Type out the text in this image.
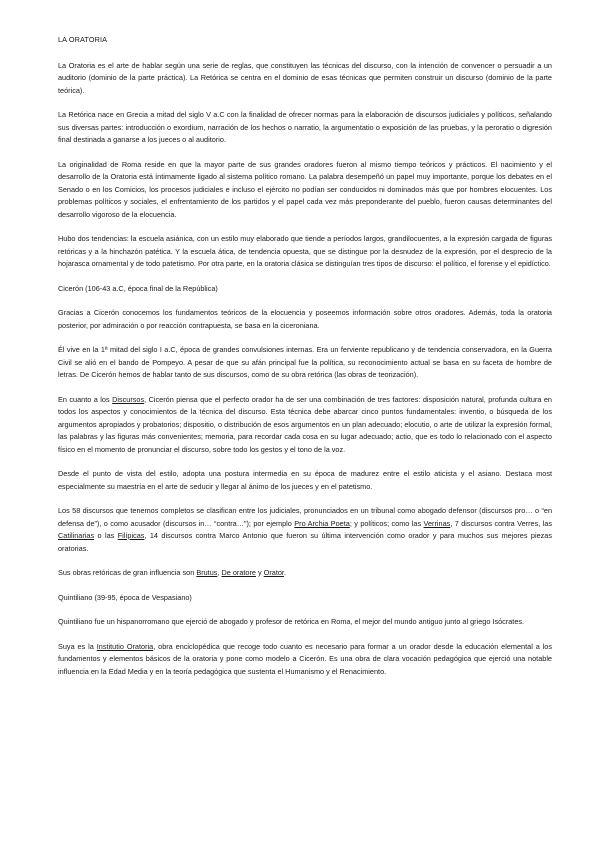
LA ORATORIA

La Oratoria es el arte de hablar según una serie de reglas, que constituyen las técnicas del discurso, con la intención de convencer o persuadir a un auditorio (dominio de la parte práctica). La Retórica se centra en el dominio de esas técnicas que permiten construir un discurso (dominio de la parte teórica).

La Retórica nace en Grecia a mitad del siglo V a.C con la finalidad de ofrecer normas para la elaboración de discursos judiciales y políticos, señalando sus diversas partes: introducción o exordium, narración de los hechos o narratio, la argumentatio o exposición de las pruebas, y la peroratio o digresión final destinada a ganarse a los jueces o al auditorio.

La originalidad de Roma reside en que la mayor parte de sus grandes oradores fueron al mismo tiempo teóricos y prácticos. El nacimiento y el desarrollo de la Oratoria está íntimamente ligado al sistema político romano. La palabra desempeñó un papel muy importante, porque los debates en el Senado o en los Comicios, los procesos judiciales e incluso el ejército no podían ser conducidos ni dominados más que por hombres elocuentes. Los problemas políticos y sociales, el enfrentamiento de los partidos y el papel cada vez más preponderante del pueblo, fueron causas determinantes del desarrollo vigoroso de la elocuencia.

Hubo dos tendencias: la escuela asiánica, con un estilo muy elaborado que tiende a períodos largos, grandilocuentes, a la expresión cargada de figuras retóricas y a la hinchazón patética. Y la escuela ática, de tendencia opuesta, que se distingue por la desnudez de la expresión, por el desprecio de la hojarasca ornamental y de todo patetismo. Por otra parte, en la oratoria clásica se distinguían tres tipos de discurso: el político, el forense y el epidíctico.

Cicerón (106-43 a.C, época final de la República)

Gracias a Cicerón conocemos los fundamentos teóricos de la elocuencia y poseemos información sobre otros oradores. Además, toda la oratoria posterior, por admiración o por reacción contrapuesta, se basa en la ciceroniana.

Él vive en la 1ª mitad del siglo I a.C, época de grandes convulsiones internas. Era un ferviente republicano y de tendencia conservadora, en la Guerra Civil se alió en el bando de Pompeyo. A pesar de que su afán principal fue la política, su reconocimiento actual se basa en su faceta de hombre de letras. De Cicerón hemos de hablar tanto de sus discursos, como de su obra retórica (las obras de teorización).

En cuanto a los Discursos, Cicerón piensa que el perfecto orador ha de ser una combinación de tres factores: disposición natural, profunda cultura en todos los aspectos y conocimientos de la técnica del discurso. Esta técnica debe abarcar cinco puntos fundamentales: inventio, o búsqueda de los argumentos apropiados y probatorios; dispositio, o distribución de esos argumentos en un plan adecuado; elocutio, o arte de utilizar la expresión formal, las palabras y las figuras más convenientes; memoria, para recordar cada cosa en su lugar adecuado; actio, que es todo lo relacionado con el aspecto físico en el momento de pronunciar el discurso, sobre todo los gestos y el tono de la voz.

Desde el punto de vista del estilo, adopta una postura intermedia en su época de madurez entre el estilo aticista y el asiano. Destaca most especialmente su maestría en el arte de seducir y llegar al ánimo de los jueces y en el patetismo.

Los 58 discursos que tenemos completos se clasifican entre los judiciales, pronunciados en un tribunal como abogado defensor (discursos pro… o “en defensa de”), o como acusador (discursos in… “contra…”); por ejemplo Pro Archia Poeta; y políticos; como las Verrinas, 7 discursos contra Verres, las Catilinarias o las Filípicas, 14 discursos contra Marco Antonio que fueron su última intervención como orador y para muchos sus mejores piezas oratorias.

Sus obras retóricas de gran influencia son Brutus, De oratore y Orator.

Quintiliano (39-95, época de Vespasiano)

Quintiliano fue un hispanorromano que ejerció de abogado y profesor de retórica en Roma, el mejor del mundo antiguo junto al griego Isócrates.

Suya es la Institutio Oratoria, obra enciclopédica que recoge todo cuanto es necesario para formar a un orador desde la educación elemental a los fundamentos y elementos básicos de la oratoria y pone como modelo a Cicerón. Es una obra de clara vocación pedagógica que ejerció una notable influencia en la Edad Media y en la teoría pedagógica que sustenta el Humanismo y el Renacimiento.
